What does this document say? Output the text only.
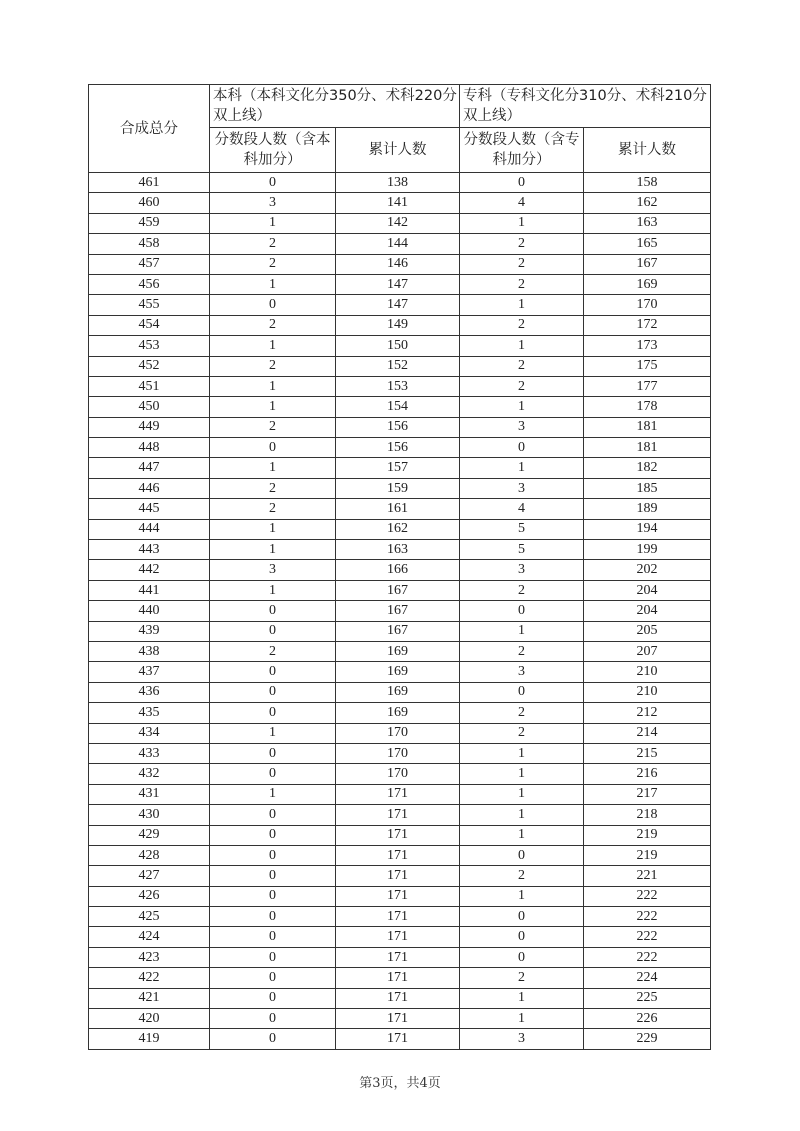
合成总分	本科（本科文化分350分、术科220分双上线）		专科（专科文化分310分、术科210分双上线）	
	分数段人数（含本科加分）	累计人数	分数段人数（含专科加分）	累计人数
461	0	138	0	158
460	3	141	4	162
459	1	142	1	163
458	2	144	2	165
457	2	146	2	167
456	1	147	2	169
455	0	147	1	170
454	2	149	2	172
453	1	150	1	173
452	2	152	2	175
451	1	153	2	177
450	1	154	1	178
449	2	156	3	181
448	0	156	0	181
447	1	157	1	182
446	2	159	3	185
445	2	161	4	189
444	1	162	5	194
443	1	163	5	199
442	3	166	3	202
441	1	167	2	204
440	0	167	0	204
439	0	167	1	205
438	2	169	2	207
437	0	169	3	210
436	0	169	0	210
435	0	169	2	212
434	1	170	2	214
433	0	170	1	215
432	0	170	1	216
431	1	171	1	217
430	0	171	1	218
429	0	171	1	219
428	0	171	0	219
427	0	171	2	221
426	0	171	1	222
425	0	171	0	222
424	0	171	0	222
423	0	171	0	222
422	0	171	2	224
421	0	171	1	225
420	0	171	1	226
419	0	171	3	229
第3页，共4页
